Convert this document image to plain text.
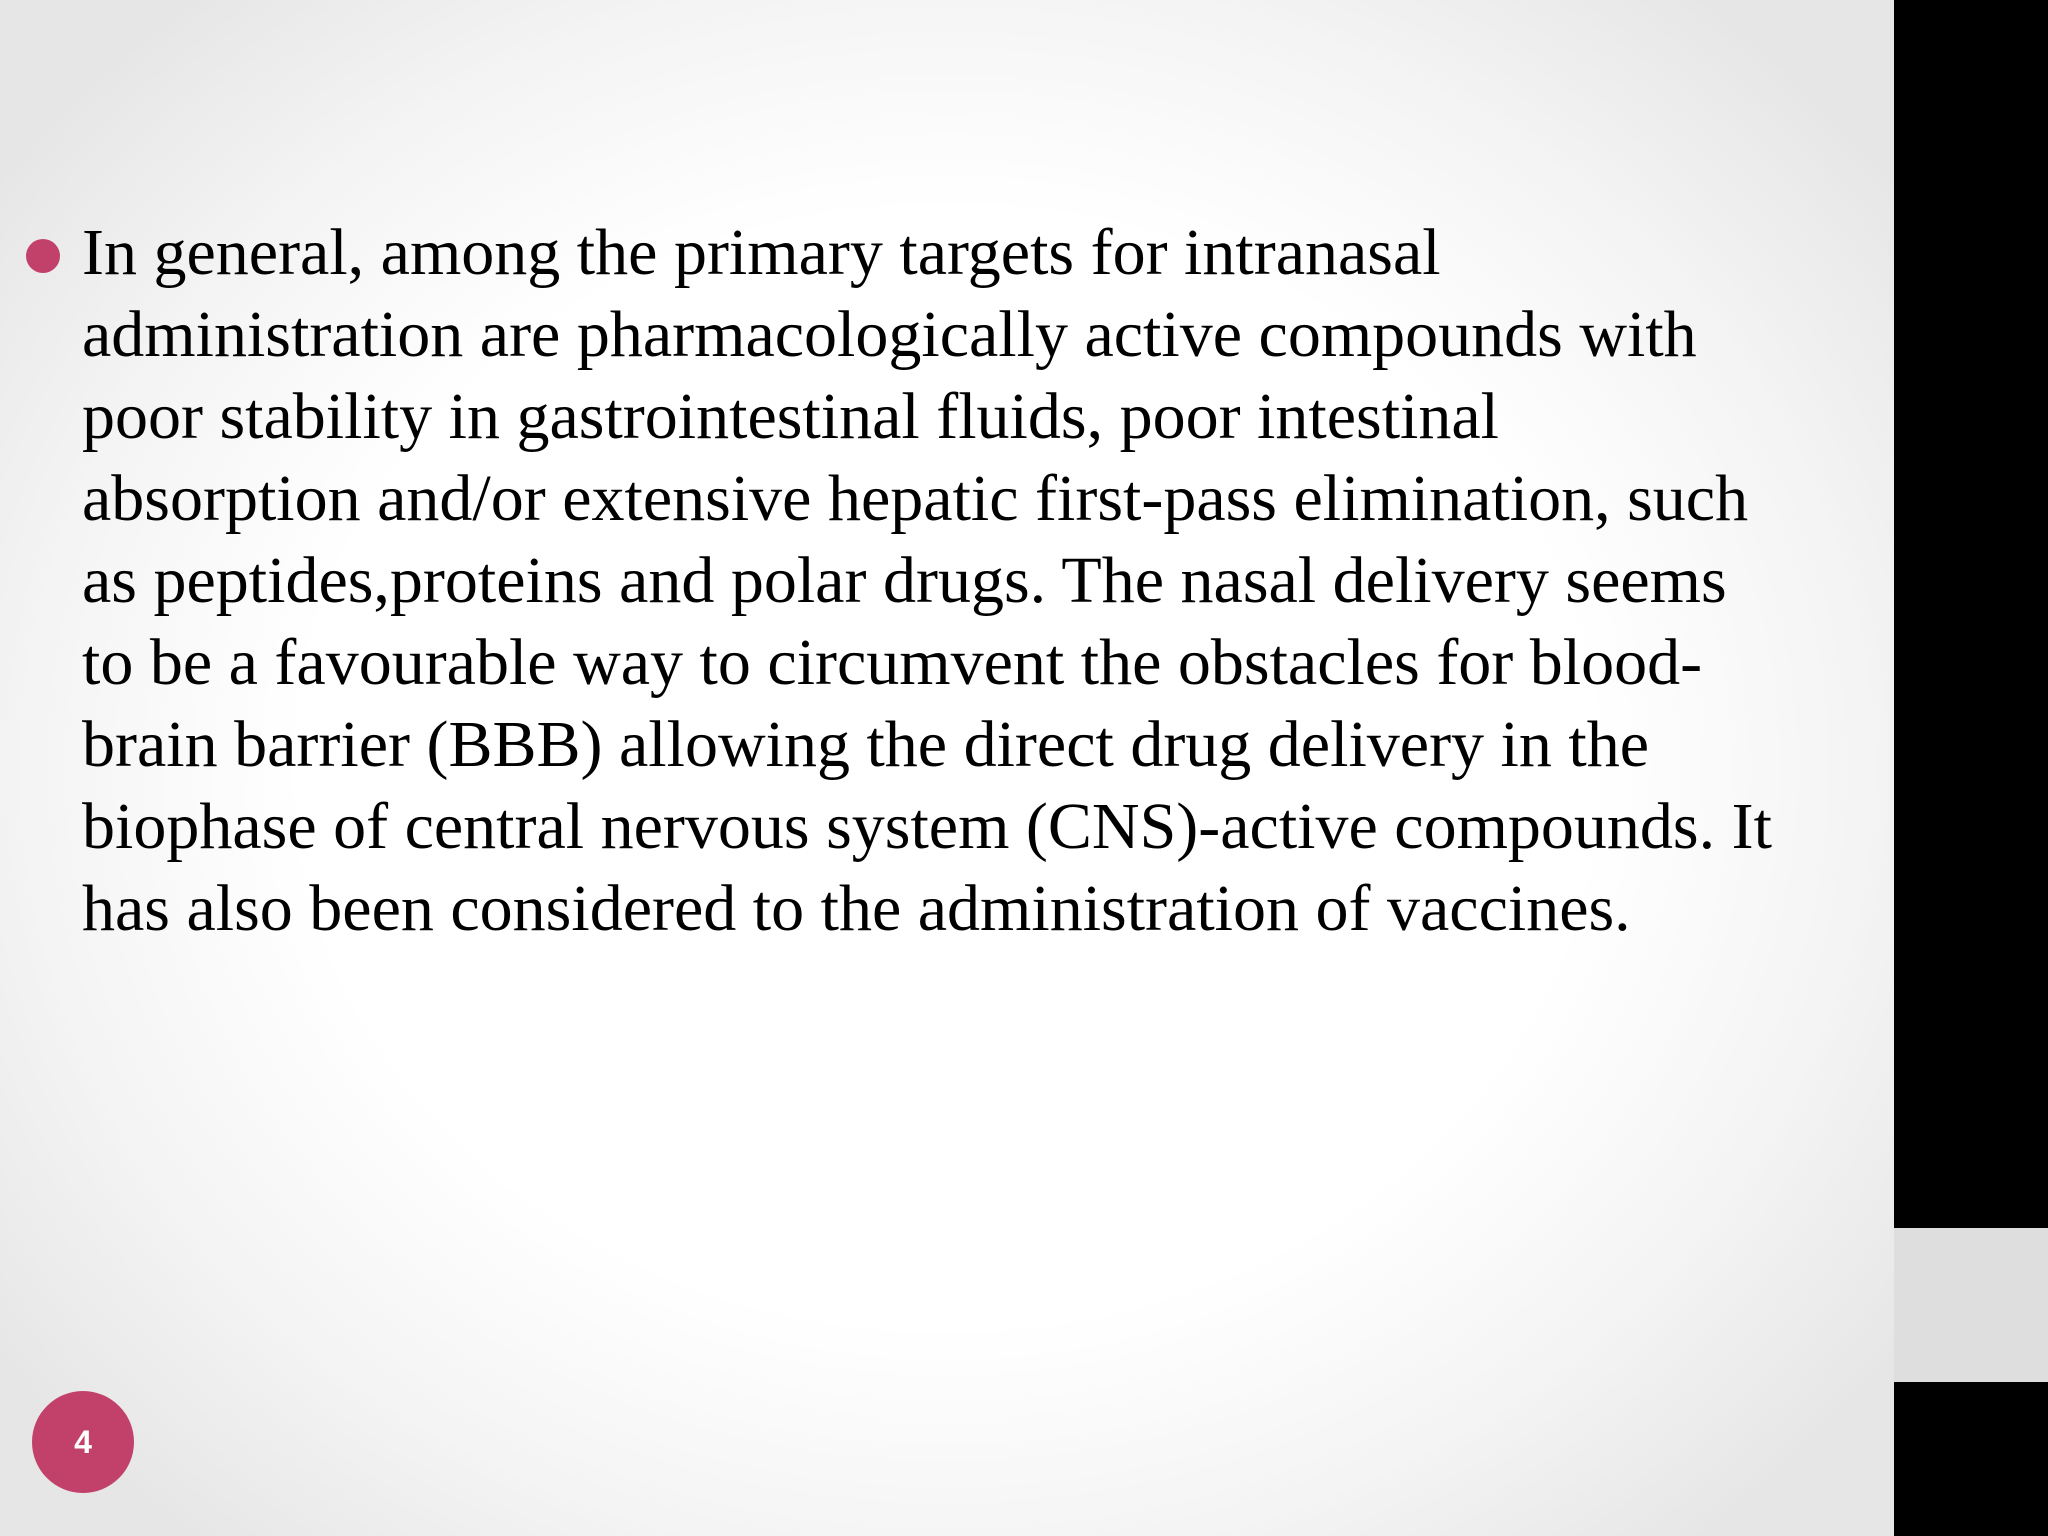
In general, among the primary targets for intranasal
administration are pharmacologically active compounds with
poor stability in gastrointestinal fluids, poor intestinal
absorption and/or extensive hepatic first-pass elimination, such
as peptides,proteins and polar drugs. The nasal delivery seems
to be a favourable way to circumvent the obstacles for blood-
brain barrier (BBB) allowing the direct drug delivery in the
biophase of central nervous system (CNS)-active compounds. It
has also been considered to the administration of vaccines.

4
